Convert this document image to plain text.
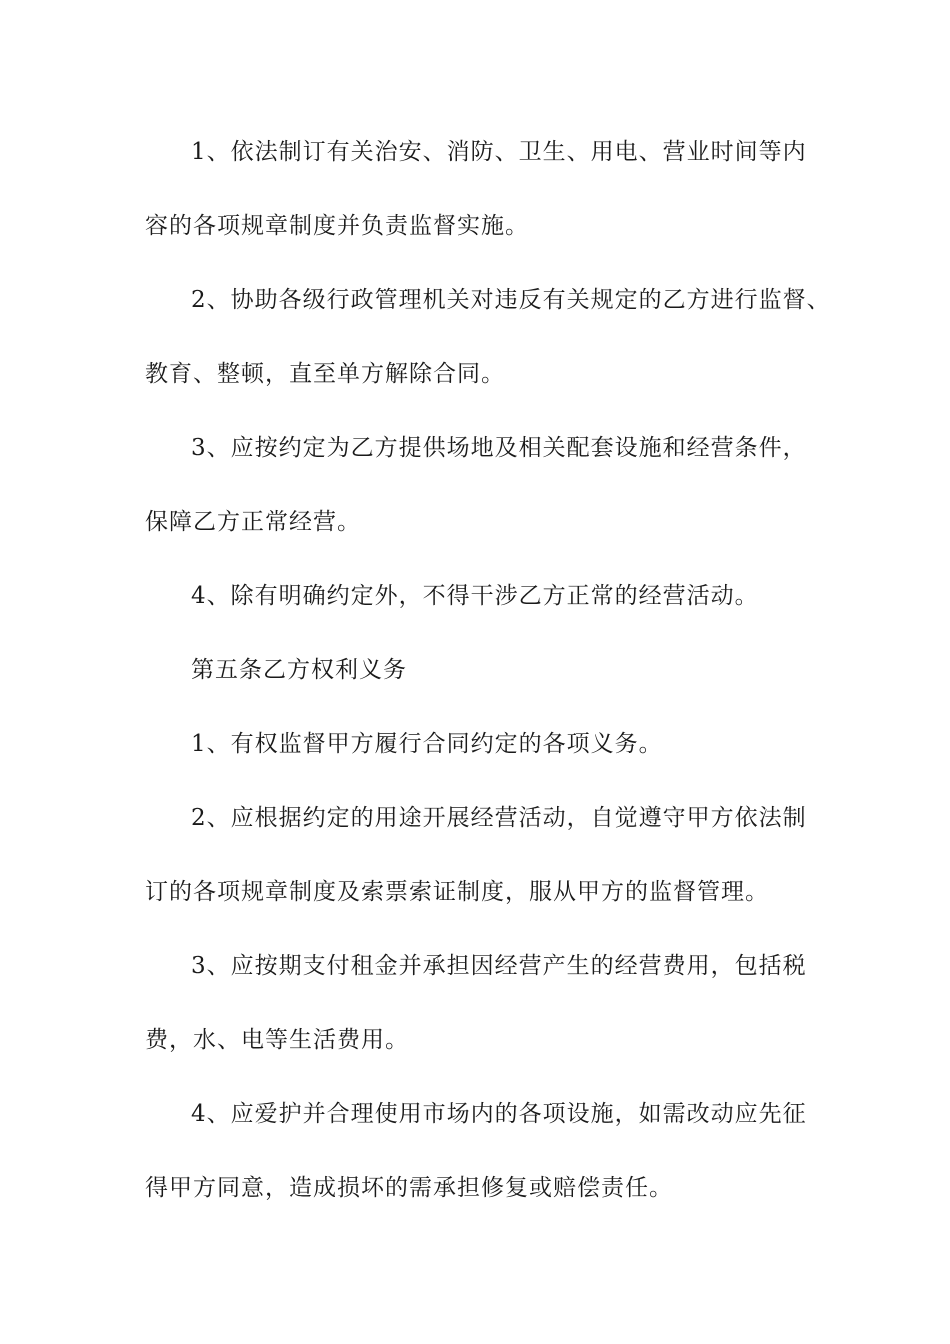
1、依法制订有关治安、消防、卫生、用电、营业时间等内
容的各项规章制度并负责监督实施。
2、协助各级行政管理机关对违反有关规定的乙方进行监督、
教育、整顿，直至单方解除合同。
3、应按约定为乙方提供场地及相关配套设施和经营条件，
保障乙方正常经营。
4、除有明确约定外，不得干涉乙方正常的经营活动。
第五条乙方权利义务
1、有权监督甲方履行合同约定的各项义务。
2、应根据约定的用途开展经营活动，自觉遵守甲方依法制
订的各项规章制度及索票索证制度，服从甲方的监督管理。
3、应按期支付租金并承担因经营产生的经营费用，包括税
费，水、电等生活费用。
4、应爱护并合理使用市场内的各项设施，如需改动应先征
得甲方同意，造成损坏的需承担修复或赔偿责任。
